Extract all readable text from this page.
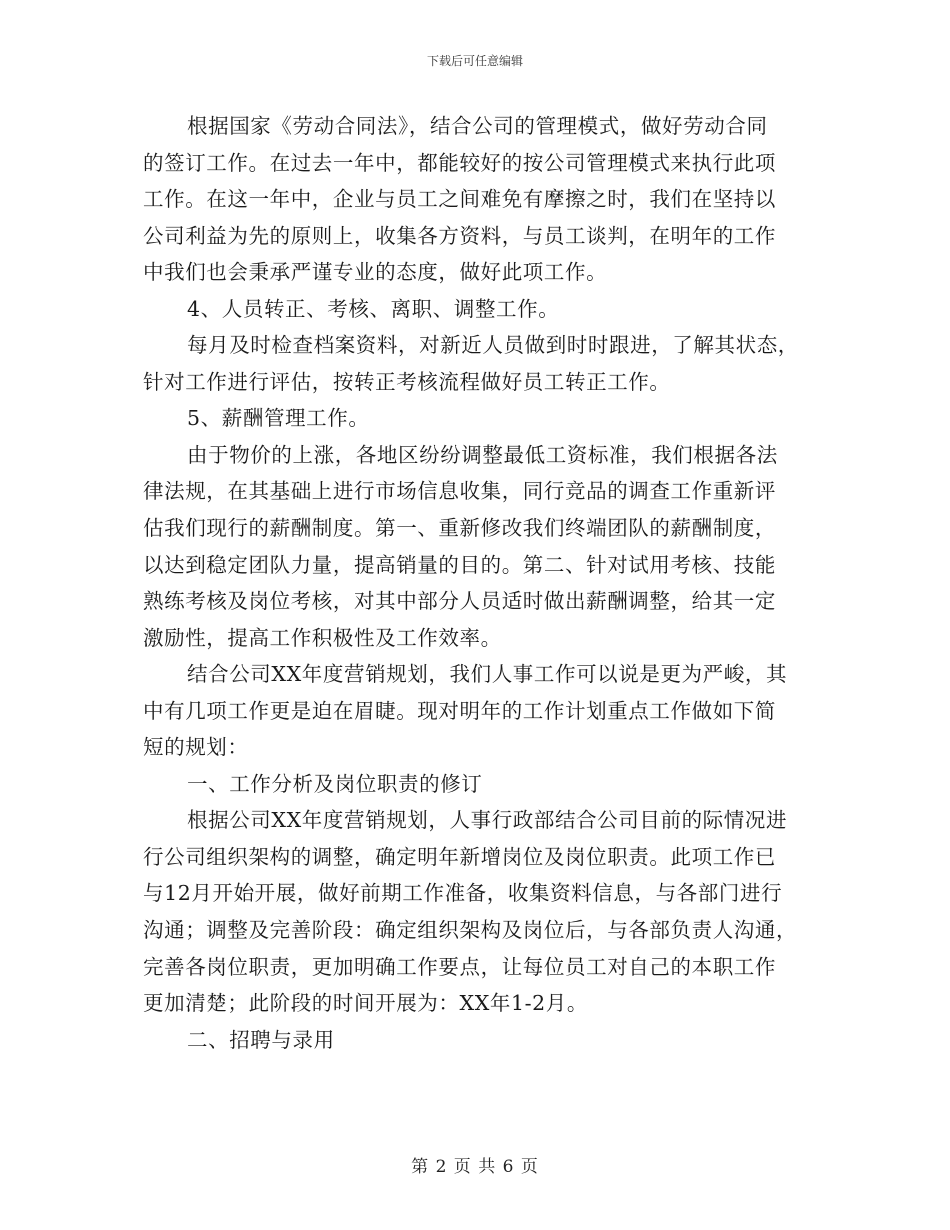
下载后可任意编辑
根据国家《劳动合同法》，结合公司的管理模式，做好劳动合同
的签订工作。在过去一年中，都能较好的按公司管理模式来执行此项
工作。在这一年中，企业与员工之间难免有摩擦之时，我们在坚持以
公司利益为先的原则上，收集各方资料，与员工谈判，在明年的工作
中我们也会秉承严谨专业的态度，做好此项工作。
4、人员转正、考核、离职、调整工作。
每月及时检查档案资料，对新近人员做到时时跟进，了解其状态，
针对工作进行评估，按转正考核流程做好员工转正工作。
5、薪酬管理工作。
由于物价的上涨，各地区纷纷调整最低工资标准，我们根据各法
律法规，在其基础上进行市场信息收集，同行竞品的调查工作重新评
估我们现行的薪酬制度。第一、重新修改我们终端团队的薪酬制度，
以达到稳定团队力量，提高销量的目的。第二、针对试用考核、技能
熟练考核及岗位考核，对其中部分人员适时做出薪酬调整，给其一定
激励性，提高工作积极性及工作效率。
结合公司XX年度营销规划，我们人事工作可以说是更为严峻，其
中有几项工作更是迫在眉睫。现对明年的工作计划重点工作做如下简
短的规划：
一、工作分析及岗位职责的修订
根据公司XX年度营销规划，人事行政部结合公司目前的际情况进
行公司组织架构的调整，确定明年新增岗位及岗位职责。此项工作已
与12月开始开展，做好前期工作准备，收集资料信息，与各部门进行
沟通；调整及完善阶段：确定组织架构及岗位后，与各部负责人沟通，
完善各岗位职责，更加明确工作要点，让每位员工对自己的本职工作
更加清楚；此阶段的时间开展为：XX年1-2月。
二、招聘与录用
第 2 页 共 6 页
